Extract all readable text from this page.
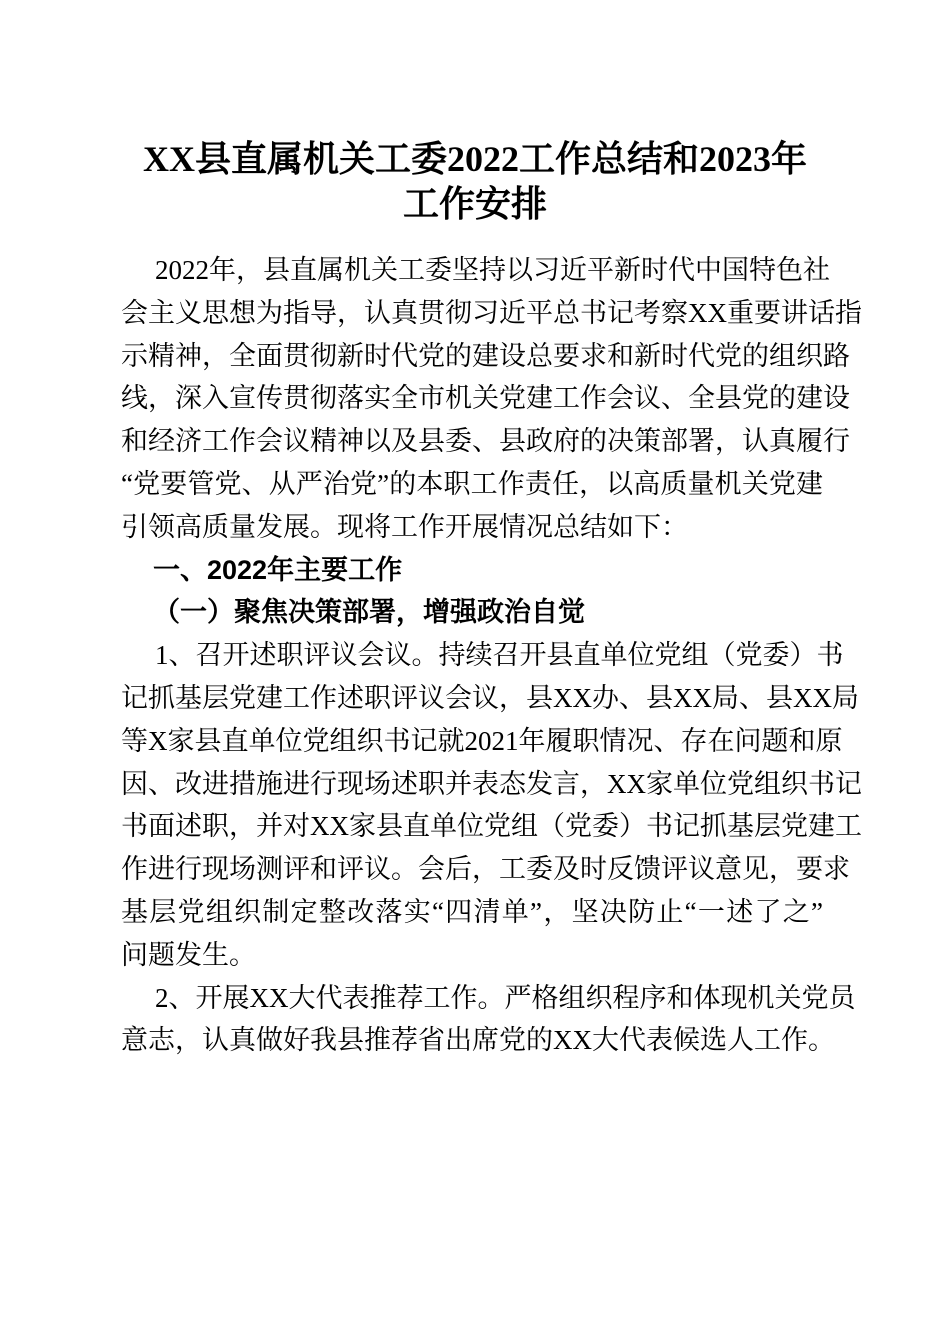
XX县直属机关工委2022工作总结和2023年
工作安排
2022年，县直属机关工委坚持以习近平新时代中国特色社
会主义思想为指导，认真贯彻习近平总书记考察XX重要讲话指
示精神，全面贯彻新时代党的建设总要求和新时代党的组织路
线，深入宣传贯彻落实全市机关党建工作会议、全县党的建设
和经济工作会议精神以及县委、县政府的决策部署，认真履行
“党要管党、从严治党”的本职工作责任，以高质量机关党建
引领高质量发展。现将工作开展情况总结如下：
一、2022年主要工作
（一）聚焦决策部署，增强政治自觉
1、召开述职评议会议。持续召开县直单位党组（党委）书
记抓基层党建工作述职评议会议，县XX办、县XX局、县XX局
等X家县直单位党组织书记就2021年履职情况、存在问题和原
因、改进措施进行现场述职并表态发言，XX家单位党组织书记
书面述职，并对XX家县直单位党组（党委）书记抓基层党建工
作进行现场测评和评议。会后，工委及时反馈评议意见，要求
基层党组织制定整改落实“四清单”，坚决防止“一述了之”
问题发生。
2、开展XX大代表推荐工作。严格组织程序和体现机关党员
意志，认真做好我县推荐省出席党的XX大代表候选人工作。
